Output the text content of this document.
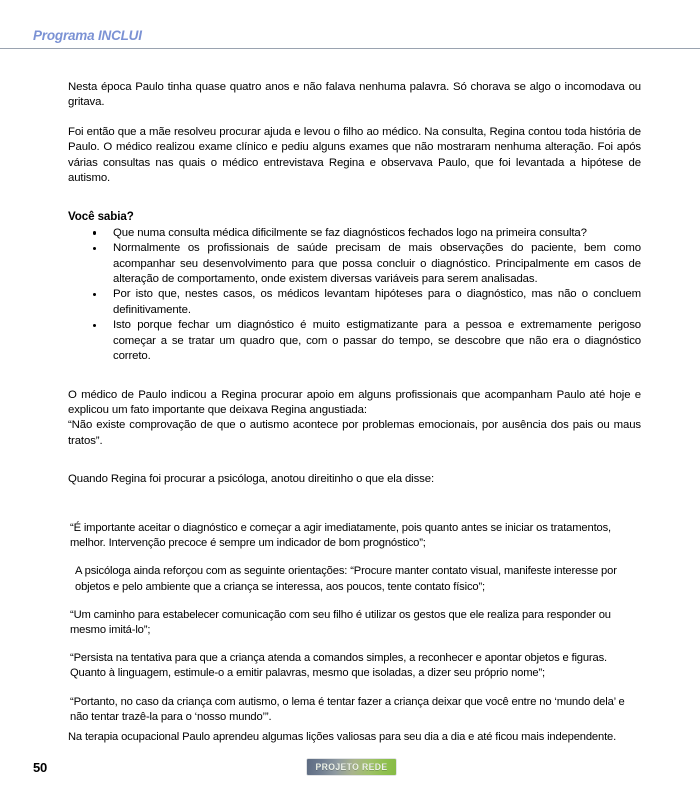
Programa INCLUI

Nesta época Paulo tinha quase quatro anos e não falava nenhuma palavra. Só chorava se algo o incomodava ou gritava.

Foi então que a mãe resolveu procurar ajuda e levou o filho ao médico. Na consulta, Regina contou toda história de Paulo. O médico realizou exame clínico e pediu alguns exames que não mostraram nenhuma alteração. Foi após várias consultas nas quais o médico entrevistava Regina e observava Paulo, que foi levantada a hipótese de autismo.

Você sabia?
Que numa consulta médica dificilmente se faz diagnósticos fechados logo na primeira consulta?
Normalmente os profissionais de saúde precisam de mais observações do paciente, bem como acompanhar seu desenvolvimento para que possa concluir o diagnóstico. Principalmente em casos de alteração de comportamento, onde existem diversas variáveis para serem analisadas.
Por isto que, nestes casos, os médicos levantam hipóteses para o diagnóstico, mas não o concluem definitivamente.
Isto porque fechar um diagnóstico é muito estigmatizante para a pessoa e extremamente perigoso começar a se tratar um quadro que, com o passar do tempo, se descobre que não era o diagnóstico correto.

O médico de Paulo indicou a Regina procurar apoio em alguns profissionais que acompanham Paulo até hoje e explicou um fato importante que deixava Regina angustiada:

“Não existe comprovação de que o autismo acontece por problemas emocionais, por ausência dos pais ou maus tratos”.

Quando Regina foi procurar a psicóloga, anotou direitinho o que ela disse:

“É importante aceitar o diagnóstico e começar a agir imediatamente, pois quanto antes se iniciar os tratamentos, melhor. Intervenção precoce é sempre um indicador de bom prognóstico”;

A psicóloga ainda reforçou com as seguinte orientações: “Procure manter contato visual, manifeste interesse por objetos e pelo ambiente que a criança se interessa, aos poucos, tente contato físico”;

“Um caminho para estabelecer comunicação com seu filho é utilizar os gestos que ele realiza para responder ou mesmo imitá-lo”;

“Persista na tentativa para que a criança atenda a comandos simples, a reconhecer e apontar objetos e figuras. Quanto à linguagem, estimule-o a emitir palavras, mesmo que isoladas, a dizer seu próprio nome”;

“Portanto, no caso da criança com autismo, o lema é tentar fazer a criança deixar que você entre no ‘mundo dela’ e não tentar trazê-la para o ‘nosso mundo’”.

Na terapia ocupacional Paulo aprendeu algumas lições valiosas para seu dia a dia e até ficou mais independente.

50	PROJETO REDE
